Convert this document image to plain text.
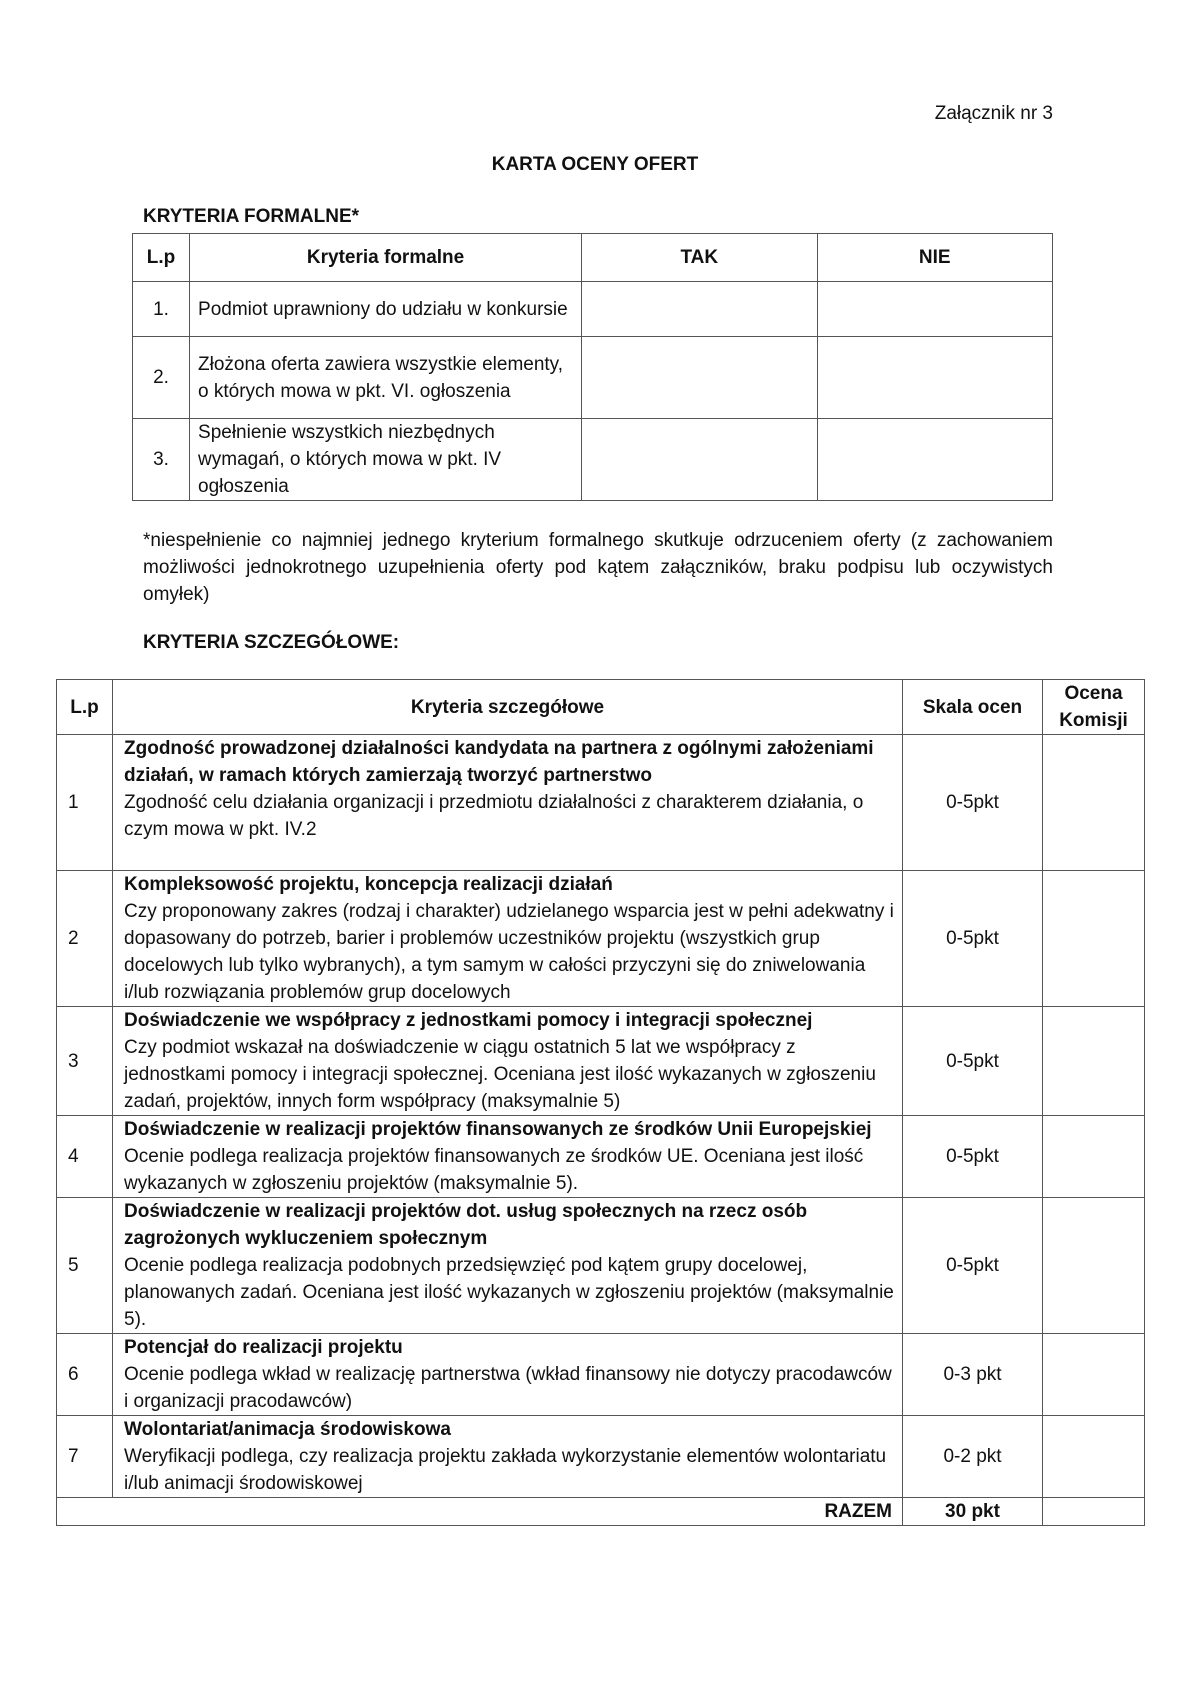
Załącznik nr 3
KARTA OCENY OFERT
KRYTERIA FORMALNE*
L.p	Kryteria formalne	TAK	NIE
1.	Podmiot uprawniony do udziału w konkursie		
2.	Złożona oferta zawiera wszystkie elementy, o których mowa w pkt. VI. ogłoszenia		
3.	Spełnienie wszystkich niezbędnych wymagań, o których mowa w pkt. IV ogłoszenia		
*niespełnienie co najmniej jednego kryterium formalnego skutkuje odrzuceniem oferty (z zachowaniem możliwości jednokrotnego uzupełnienia oferty pod kątem załączników, braku podpisu lub oczywistych omyłek)
KRYTERIA SZCZEGÓŁOWE:
L.p	Kryteria szczegółowe	Skala ocen	Ocena
Komisji
1	Zgodność prowadzonej działalności kandydata na partnera z ogólnymi założeniami działań, w ramach których zamierzają tworzyć partnerstwo
Zgodność celu działania organizacji i przedmiotu działalności z charakterem działania, o czym mowa w pkt. IV.2	0-5pkt	
2	Kompleksowość projektu, koncepcja realizacji działań
Czy proponowany zakres (rodzaj i charakter) udzielanego wsparcia jest w pełni adekwatny i dopasowany do potrzeb, barier i problemów uczestników projektu (wszystkich grup docelowych lub tylko wybranych), a tym samym w całości przyczyni się do zniwelowania i/lub rozwiązania problemów grup docelowych	0-5pkt	
3	Doświadczenie we współpracy z jednostkami pomocy i integracji społecznej
Czy podmiot wskazał na doświadczenie w ciągu ostatnich 5 lat we współpracy z jednostkami pomocy i integracji społecznej. Oceniana jest ilość wykazanych w zgłoszeniu zadań, projektów, innych form współpracy (maksymalnie 5)	0-5pkt	
4	Doświadczenie w realizacji projektów finansowanych ze środków Unii Europejskiej
Ocenie podlega realizacja projektów finansowanych ze środków UE. Oceniana jest ilość wykazanych w zgłoszeniu projektów (maksymalnie 5).	0-5pkt	
5	Doświadczenie w realizacji projektów dot. usług społecznych na rzecz osób zagrożonych wykluczeniem społecznym
Ocenie podlega realizacja podobnych przedsięwzięć pod kątem grupy docelowej, planowanych zadań. Oceniana jest ilość wykazanych w zgłoszeniu projektów (maksymalnie 5).	0-5pkt	
6	Potencjał do realizacji projektu
Ocenie podlega wkład w realizację partnerstwa (wkład finansowy nie dotyczy pracodawców i organizacji pracodawców)	0-3 pkt	
7	Wolontariat/animacja środowiskowa
Weryfikacji podlega, czy realizacja projektu zakłada wykorzystanie elementów wolontariatu i/lub animacji środowiskowej	0-2 pkt	
RAZEM		30 pkt	
